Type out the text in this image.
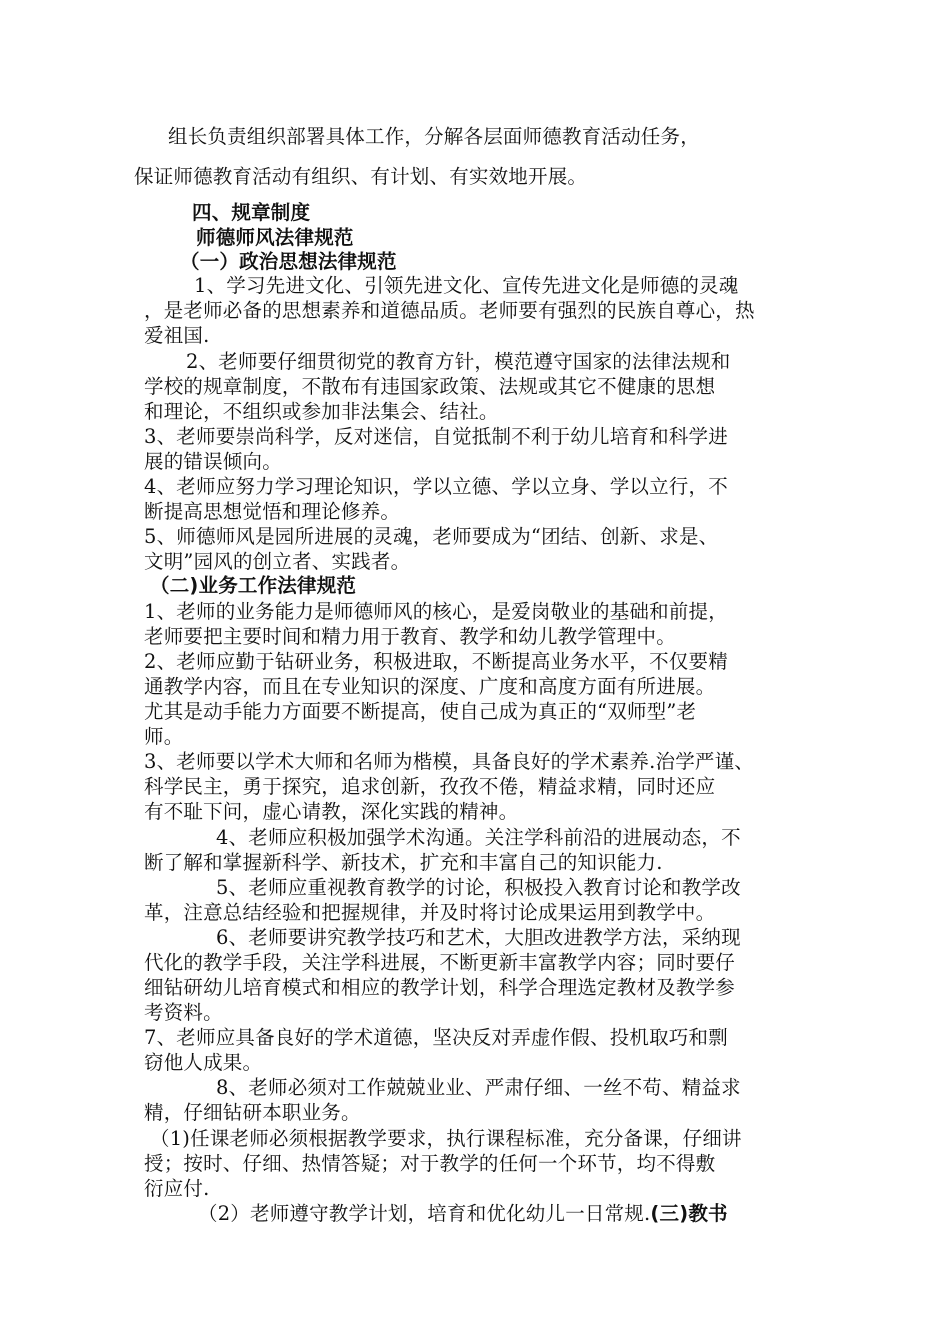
组长负责组织部署具体工作，分解各层面师德教育活动任务，
保证师德教育活动有组织、有计划、有实效地开展。
四、规章制度
师德师风法律规范
（一）政治思想法律规范
1、学习先进文化、引领先进文化、宣传先进文化是师德的灵魂
，是老师必备的思想素养和道德品质。老师要有强烈的民族自尊心，热
爱祖国.
2、老师要仔细贯彻党的教育方针，模范遵守国家的法律法规和
学校的规章制度，不散布有违国家政策、法规或其它不健康的思想
和理论，不组织或参加非法集会、结社。
3、老师要崇尚科学，反对迷信，自觉抵制不利于幼儿培育和科学进
展的错误倾向。
4、老师应努力学习理论知识，学以立德、学以立身、学以立行，不
断提高思想觉悟和理论修养。
5、师德师风是园所进展的灵魂，老师要成为“团结、创新、求是、
文明”园风的创立者、实践者。
（二)业务工作法律规范
1、老师的业务能力是师德师风的核心，是爱岗敬业的基础和前提，
老师要把主要时间和精力用于教育、教学和幼儿教学管理中。
2、老师应勤于钻研业务，积极进取，不断提高业务水平，不仅要精
通教学内容，而且在专业知识的深度、广度和高度方面有所进展。
尤其是动手能力方面要不断提高，使自己成为真正的“双师型”老
师。
3、老师要以学术大师和名师为楷模，具备良好的学术素养.治学严谨、
科学民主，勇于探究，追求创新，孜孜不倦，精益求精，同时还应
有不耻下问，虚心请教，深化实践的精神。
4、老师应积极加强学术沟通。关注学科前沿的进展动态，不
断了解和掌握新科学、新技术，扩充和丰富自己的知识能力.
5、老师应重视教育教学的讨论，积极投入教育讨论和教学改
革，注意总结经验和把握规律，并及时将讨论成果运用到教学中。
6、老师要讲究教学技巧和艺术，大胆改进教学方法，采纳现
代化的教学手段，关注学科进展，不断更新丰富教学内容；同时要仔
细钻研幼儿培育模式和相应的教学计划，科学合理选定教材及教学参
考资料。
7、老师应具备良好的学术道德，坚决反对弄虚作假、投机取巧和剽
窃他人成果。
8、老师必须对工作兢兢业业、严肃仔细、一丝不苟、精益求
精，仔细钻研本职业务。
（1)任课老师必须根据教学要求，执行课程标准，充分备课，仔细讲
授；按时、仔细、热情答疑；对于教学的任何一个环节，均不得敷
衍应付.
（2）老师遵守教学计划，培育和优化幼儿一日常规.(三)教书
